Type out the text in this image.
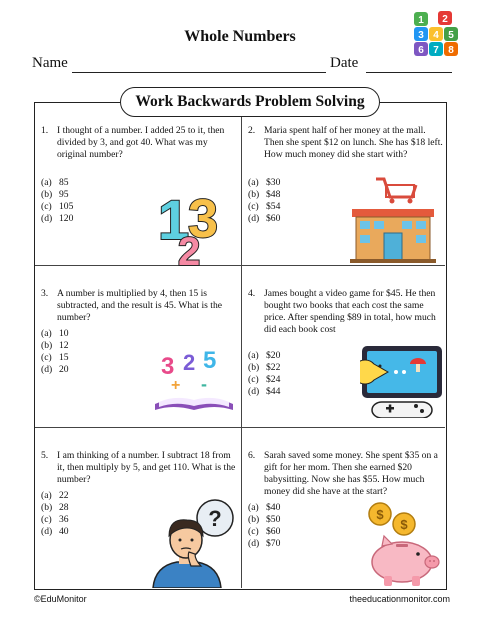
Whole Numbers
1 2
3 4 5
6 7 8
Name	Date
1. I thought of a number. I added 25 to it, then divided by 3, and got 40. What was my original number?
(a) 85
(b) 95
(c) 105
(d) 120 1
3
2
2. Maria spent half of her money at the mall. Then she spent $12 on lunch. She has $18 left. How much money did she start with?
(a) $30
(b) $48
(c) $54
(d) $60
3. A number is multiplied by 4, then 15 is subtracted, and the result is 45. What is the number?
(a) 10
(b) 12
(c) 15
(d) 20	3 2 5
+ -
4. James bought a video game for $45. He then bought two books that each cost the same price. After spending $89 in total, how much did each book cost
(a) $20
(b) $22
(c) $24
(d) $44
5. I am thinking of a number. I subtract 18 from it, then multiply by 5, and get 110. What is the number?
(a) 22
(b) 28
(c) 36
(d) 40
?
6. Sarah saved some money. She spent $35 on a gift for her mom. Then she earned $20 babysitting. Now she has $55. How much money did she have at the start?
(a) $40
(b) $50
(c) $60
(d) $70
$
$
Work Backwards Problem Solving
©EduMonitor	theeducationmonitor.com
